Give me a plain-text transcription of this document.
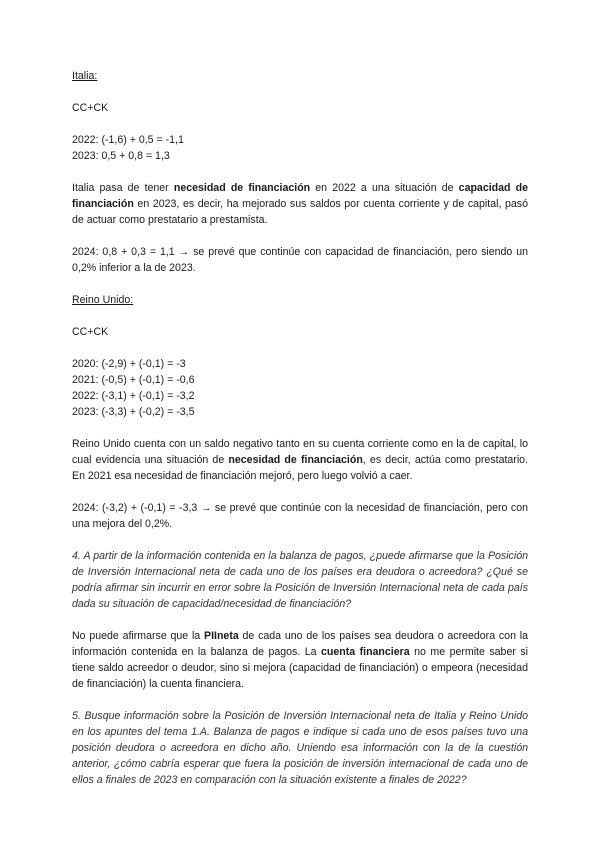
Italia:

CC+CK

2022: (-1,6) + 0,5 = -1,1

2023: 0,5 + 0,8 = 1,3

Italia pasa de tener necesidad de financiación en 2022 a una situación de capacidad de financiación en 2023, es decir, ha mejorado sus saldos por cuenta corriente y de capital, pasó de actuar como prestatario a prestamista.

2024: 0,8 + 0,3 = 1,1 → se prevé que continúe con capacidad de financiación, pero siendo un 0,2% inferior a la de 2023.

Reino Unido:

CC+CK

2020: (-2,9) + (-0,1) = -3

2021: (-0,5) + (-0,1) = -0,6

2022: (-3,1) + (-0,1) = -3,2

2023: (-3,3) + (-0,2) = -3,5

Reino Unido cuenta con un saldo negativo tanto en su cuenta corriente como en la de capital, lo cual evidencia una situación de necesidad de financiación, es decir, actúa como prestatario. En 2021 esa necesidad de financiación mejoró, pero luego volvió a caer.

2024: (-3,2) + (-0,1) = -3,3 → se prevé que continúe con la necesidad de financiación, pero con una mejora del 0,2%.

4. A partir de la información contenida en la balanza de pagos, ¿puede afirmarse que la Posición de Inversión Internacional neta de cada uno de los países era deudora o acreedora? ¿Qué se podría afirmar sin incurrir en error sobre la Posición de Inversión Internacional neta de cada país dada su situación de capacidad/necesidad de financiación?

No puede afirmarse que la PIIneta de cada uno de los países sea deudora o acreedora con la información contenida en la balanza de pagos. La cuenta financiera no me permite saber si tiene saldo acreedor o deudor, sino si mejora (capacidad de financiación) o empeora (necesidad de financiación) la cuenta financiera.

5. Busque información sobre la Posición de Inversión Internacional neta de Italia y Reino Unido en los apuntes del tema 1.A. Balanza de pagos e indique si cada uno de esos países tuvo una posición deudora o acreedora en dicho año. Uniendo esa información con la de la cuestión anterior, ¿cómo cabría esperar que fuera la posición de inversión internacional de cada uno de ellos a finales de 2023 en comparación con la situación existente a finales de 2022?
